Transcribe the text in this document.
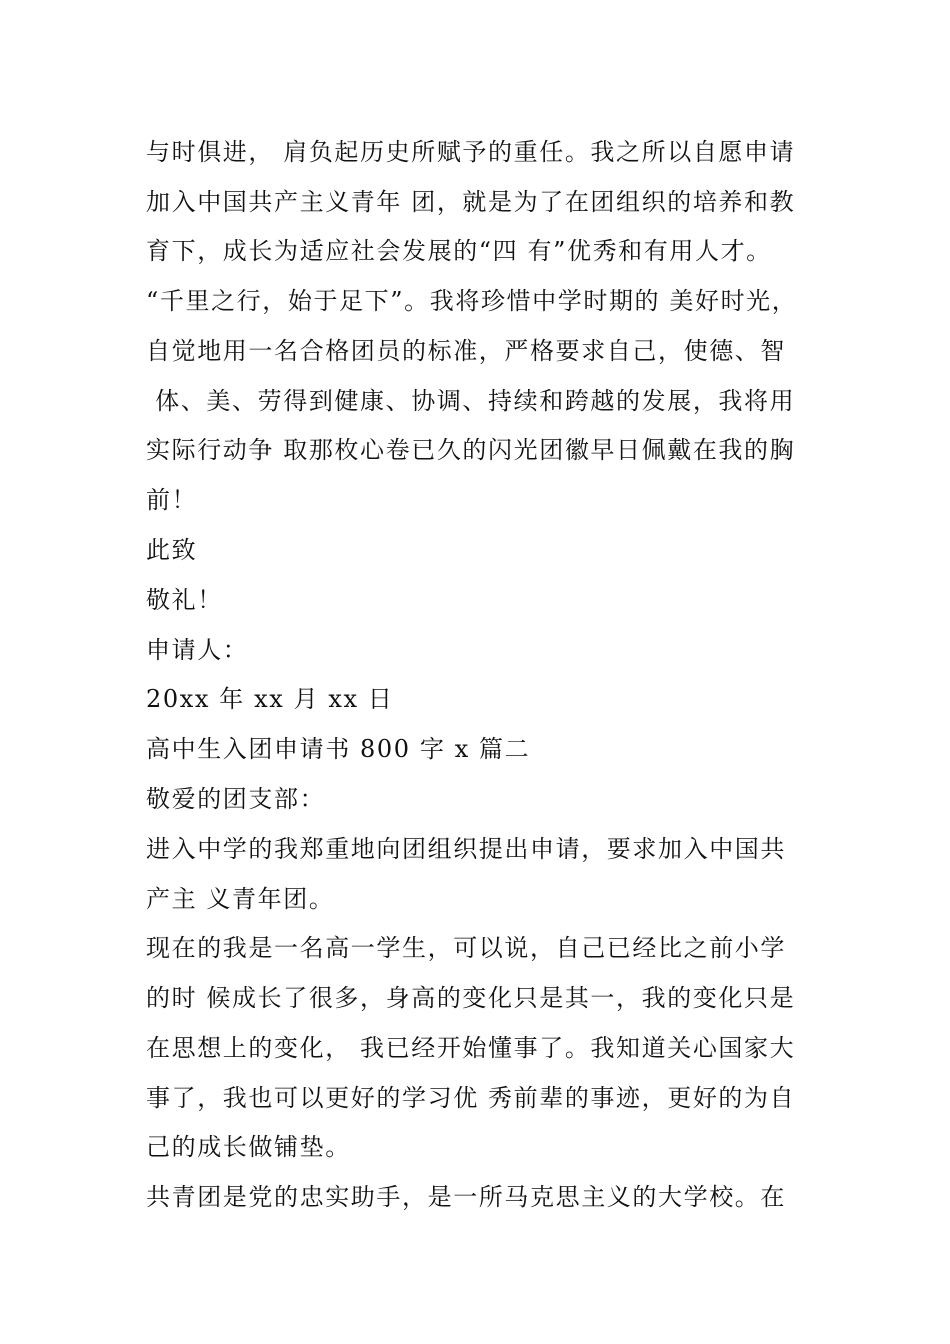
与时俱进， 肩负起历史所赋予的重任。我之所以自愿申请
加入中国共产主义青年 团，就是为了在团组织的培养和教
育下，成长为适应社会发展的“四 有”优秀和有用人才。
“千里之行，始于足下”。我将珍惜中学时期的 美好时光，
自觉地用一名合格团员的标准，严格要求自己，使德、智
体、美、劳得到健康、协调、持续和跨越的发展，我将用
实际行动争 取那枚心卷已久的闪光团徽早日佩戴在我的胸
前！
此致
敬礼！
申请人：
20xx 年 xx 月 xx 日
高中生入团申请书 800 字 x 篇二
敬爱的团支部：
进入中学的我郑重地向团组织提出申请，要求加入中国共
产主 义青年团。
现在的我是一名高一学生，可以说，自己已经比之前小学
的时 候成长了很多，身高的变化只是其一，我的变化只是
在思想上的变化， 我已经开始懂事了。我知道关心国家大
事了，我也可以更好的学习优 秀前辈的事迹，更好的为自
己的成长做铺垫。
共青团是党的忠实助手，是一所马克思主义的大学校。在
